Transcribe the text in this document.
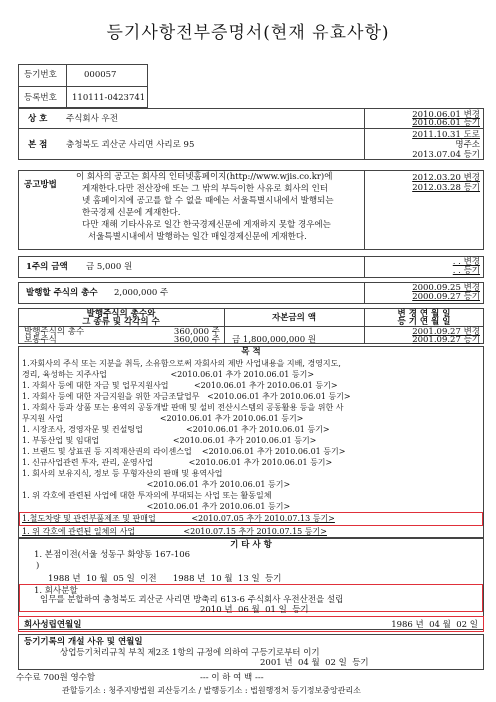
등기사항전부증명서(현재 유효사항)
등기번호	000057
등록번호 110111-0423741
상 호 주식회사 우전	2010.06.01 변경
2010.06.01 등기
본 점 충청북도 괴산군 사리면 사리로 95
2011.10.31 도로
명주소
2013.07.04 등기
공고방법
이 회사의 공고는 회사의 인터넷홈페이지(http://www.wjis.co.kr)에
게재한다.다만 전산장애 또는 그 밖의 부득이한 사유로 회사의 인터
넷 홈페이지에 공고를 할 수 없을 때에는 서울특별시내에서 발행되는
한국경제 신문에 게재한다.
다만 재해 기타사유로 일간 한국경제신문에 게재하지 못할 경우에는
서울특별시내에서 발행하는 일간 매일경제신문에 게재한다.
2012.03.20 변경
2012.03.28 등기
1주의 금액 금 5,000 원	. . 변경
. . 등기
발행할 주식의 총수 2,000,000 주	2000.09.25 변경
2000.09.27 등기
발행주식의 총수와
그 종류 및 각각의 수	자본금의 액	변 경 연 월 일
등 기 연 월 일
발행주식의 총수	360,000 주
보통주식	360,000 주 금 1,800,000,000 원
2001.09.27 변경
2001.09.27 등기
목 적
1.자회사의 주식 또는 지분을 취득, 소유함으로써 자회사의 제반 사업내용을 지배, 경영지도,
경리, 육성하는 지주사업                         <2010.06.01 추가 2010.06.01 등기>
1. 자회사 등에 대한 자금 및 업무지원사업          <2010.06.01 추가 2010.06.01 등기>
1. 자회사 등에 대한 자금지원을 위한 자금조달업무   <2010.06.01 추가 2010.06.01 등기>
1. 자회사 등과 상품 또는 용역의 공동개발 판매 및 설비 전산시스템의 공동활용 등을 위한 사
무지원 사업                                      <2010.06.01 추가 2010.06.01 등기>
1. 시장조사, 경영자문 및 컨설팅업                 <2010.06.01 추가 2010.06.01 등기>
1. 부동산업 및 임대업                             <2010.06.01 추가 2010.06.01 등기>
1. 브랜드 및 상표권 등 지적재산권의 라이센스업    <2010.06.01 추가 2010.06.01 등기>
1. 신규사업관련 투자, 관리, 운영사업              <2010.06.01 추가 2010.06.01 등기>
1. 회사의 보유지식, 정보 등 무형자산의 판매 및 용역사업
<2010.06.01 추가 2010.06.01 등기>
1. 위 각호에 관련된 사업에 대한 투자의에 부대되는 사업 또는 활동일체
<2010.06.01 추가 2010.06.01 등기>
1.철도차량 및 관련부품제조 및 판매업              <2010.07.05 추가 2010.07.13 등기>
1. 위 각호에 관련된 일체의 사업                   <2010.07.15 추가 2010.07.15 등기>
기 타 사 항
1. 본점이전(서울 성동구 화양동 167-106
)
1988 년  10 월  05 일  이전      1988 년  10 월  13 일  등기
1. 회사분할
임무를 분할하여 충청북도 괴산군 사리면 방축리 613-6 주식회사 우전산전을 설립
2010 년  06 월  01 일  등기
회사성립연월일	1986 년  04 월  02 일
등기기록의 개설 사유 및 연월일
상업등기처리규칙 부칙 제2조 1항의 규정에 의하여 구등기로부터 이기
2001 년  04 월  02 일  등기
수수료 700원 영수함	--- 이 하 여 백 ---
관할등기소 : 청주지방법원 괴산등기소 / 발행등기소 : 법원행정처 등기정보중앙관리소
